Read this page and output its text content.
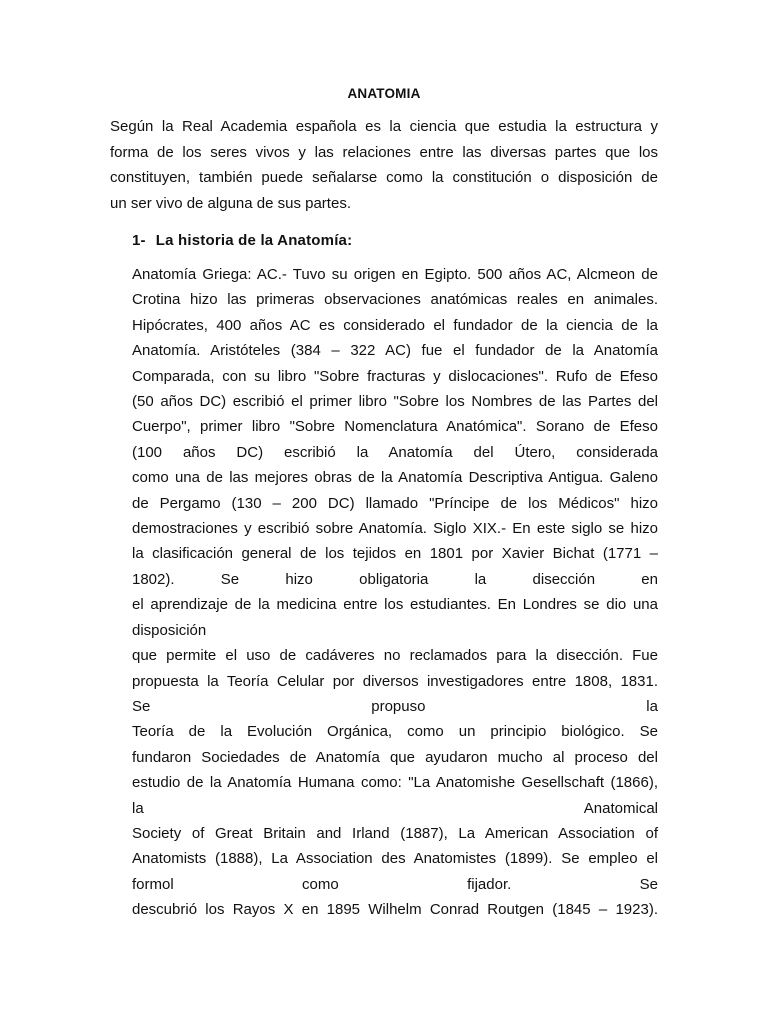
ANATOMIA
Según la Real Academia española es la ciencia que estudia la estructura y
forma de los seres vivos y las relaciones entre las diversas partes que los
constituyen, también puede señalarse como la constitución o disposición de
un ser vivo de alguna de sus partes.
1- La historia de la Anatomía:
Anatomía Griega: AC.- Tuvo su origen en Egipto. 500 años AC, Alcmeon de
Crotina hizo las primeras observaciones anatómicas reales en animales.
Hipócrates, 400 años AC es considerado el fundador de la ciencia de la
Anatomía. Aristóteles (384 – 322 AC) fue el fundador de la Anatomía
Comparada, con su libro "Sobre fracturas y dislocaciones". Rufo de Efeso
(50 años DC) escribió el primer libro "Sobre los Nombres de las Partes del
Cuerpo", primer libro "Sobre Nomenclatura Anatómica". Sorano de Efeso
(100 años DC) escribió la Anatomía del Útero, considerada
como una de las mejores obras de la Anatomía Descriptiva Antigua. Galeno
de Pergamo (130 – 200 DC) llamado "Príncipe de los Médicos" hizo
demostraciones y escribió sobre Anatomía. Siglo XIX.- En este siglo se hizo
la clasificación general de los tejidos en 1801 por Xavier Bichat (1771 –
1802). Se hizo obligatoria la disección en
el aprendizaje de la medicina entre los estudiantes. En Londres se dio una
disposición
que permite el uso de cadáveres no reclamados para la disección. Fue
propuesta la Teoría Celular por diversos investigadores entre 1808, 1831.
Se propuso la
Teoría de la Evolución Orgánica, como un principio biológico. Se
fundaron Sociedades de Anatomía que ayudaron mucho al proceso del
estudio de la Anatomía Humana como: "La Anatomishe Gesellschaft (1866),
la Anatomical
Society of Great Britain and Irland (1887), La American Association of
Anatomists (1888), La Association des Anatomistes (1899). Se empleo el
formol como fijador. Se
descubrió los Rayos X en 1895 Wilhelm Conrad Routgen (1845 – 1923).
